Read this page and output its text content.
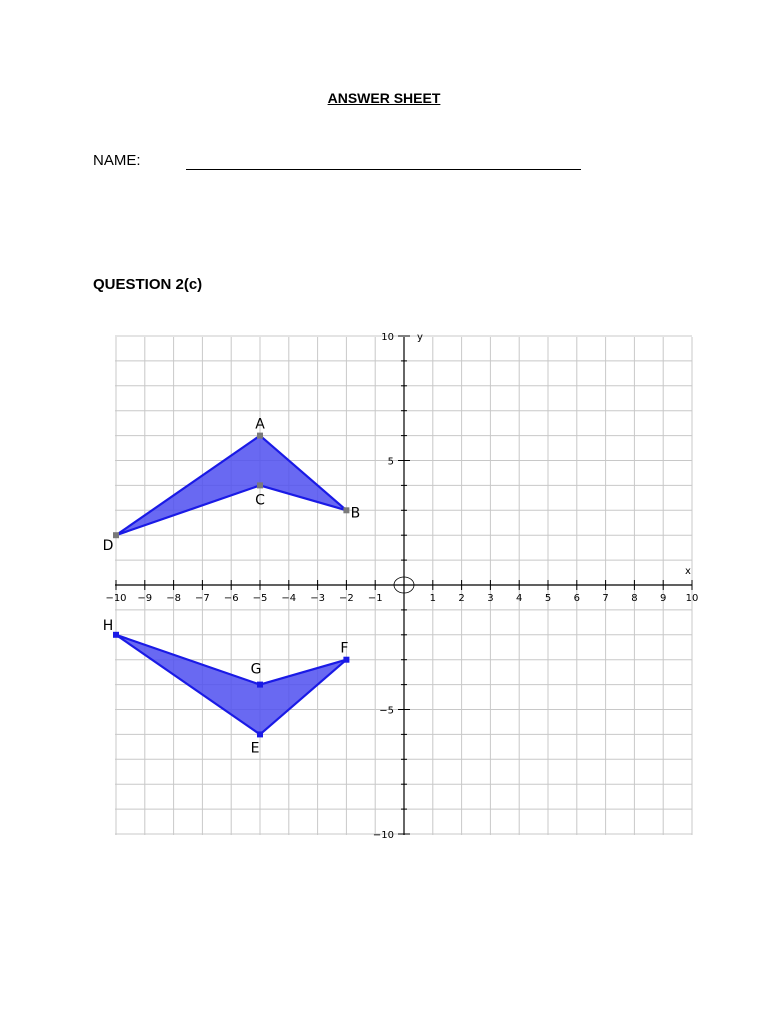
ANSWER SHEET
NAME:
QUESTION 2(c)
−10 −9 −8 −7 −6 −5 −4 −3 −2 −1	1 2 3 4 5 6 7 8 9 10
10
5
−5
−10
x
y
A
B
C
D
E
F
G
H
